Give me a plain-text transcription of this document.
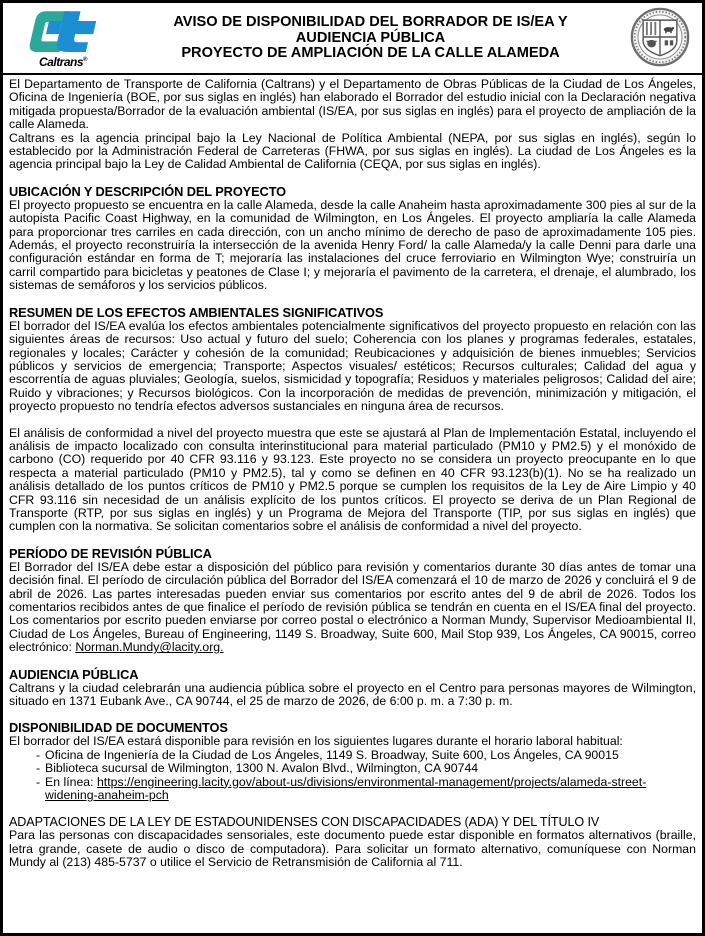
Caltrans®
AVISO DE DISPONIBILIDAD DEL BORRADOR DE IS/EA Y
AUDIENCIA PÚBLICA
PROYECTO DE AMPLIACIÓN DE LA CALLE ALAMEDA

El Departamento de Transporte de California (Caltrans) y el Departamento de Obras Públicas de la Ciudad de Los Ángeles, Oficina de Ingeniería (BOE, por sus siglas en inglés) han elaborado el Borrador del estudio inicial con la Declaración negativa mitigada propuesta/Borrador de la evaluación ambiental (IS/EA, por sus siglas en inglés) para el proyecto de ampliación de la calle Alameda.

Caltrans es la agencia principal bajo la Ley Nacional de Política Ambiental (NEPA, por sus siglas en inglés), según lo establecido por la Administración Federal de Carreteras (FHWA, por sus siglas en inglés). La ciudad de Los Ángeles es la agencia principal bajo la Ley de Calidad Ambiental de California (CEQA, por sus siglas en inglés).

UBICACIÓN Y DESCRIPCIÓN DEL PROYECTO

El proyecto propuesto se encuentra en la calle Alameda, desde la calle Anaheim hasta aproximadamente 300 pies al sur de la autopista Pacific Coast Highway, en la comunidad de Wilmington, en Los Ángeles. El proyecto ampliaría la calle Alameda para proporcionar tres carriles en cada dirección, con un ancho mínimo de derecho de paso de aproximadamente 105 pies. Además, el proyecto reconstruiría la intersección de la avenida Henry Ford/ la calle Alameda/y la calle Denni para darle una configuración estándar en forma de T; mejoraría las instalaciones del cruce ferroviario en Wilmington Wye; construiría un carril compartido para bicicletas y peatones de Clase I; y mejoraría el pavimento de la carretera, el drenaje, el alumbrado, los sistemas de semáforos y los servicios públicos.

RESUMEN DE LOS EFECTOS AMBIENTALES SIGNIFICATIVOS

El borrador del IS/EA evalúa los efectos ambientales potencialmente significativos del proyecto propuesto en relación con las siguientes áreas de recursos: Uso actual y futuro del suelo; Coherencia con los planes y programas federales, estatales, regionales y locales; Carácter y cohesión de la comunidad; Reubicaciones y adquisición de bienes inmuebles; Servicios públicos y servicios de emergencia; Transporte; Aspectos visuales/ estéticos; Recursos culturales; Calidad del agua y escorrentía de aguas pluviales; Geología, suelos, sismicidad y topografía; Residuos y materiales peligrosos; Calidad del aire; Ruido y vibraciones; y Recursos biológicos. Con la incorporación de medidas de prevención, minimización y mitigación, el proyecto propuesto no tendría efectos adversos sustanciales en ninguna área de recursos.

El análisis de conformidad a nivel del proyecto muestra que este se ajustará al Plan de Implementación Estatal, incluyendo el análisis de impacto localizado con consulta interinstitucional para material particulado (PM10 y PM2.5) y el monóxido de carbono (CO) requerido por 40 CFR 93.116 y 93.123. Este proyecto no se considera un proyecto preocupante en lo que respecta a material particulado (PM10 y PM2.5), tal y como se definen en 40 CFR 93.123(b)(1). No se ha realizado un análisis detallado de los puntos críticos de PM10 y PM2.5 porque se cumplen los requisitos de la Ley de Aire Limpio y 40 CFR 93.116 sin necesidad de un análisis explícito de los puntos críticos. El proyecto se deriva de un Plan Regional de Transporte (RTP, por sus siglas en inglés) y un Programa de Mejora del Transporte (TIP, por sus siglas en inglés) que cumplen con la normativa. Se solicitan comentarios sobre el análisis de conformidad a nivel del proyecto.

PERÍODO DE REVISIÓN PÚBLICA

El Borrador del IS/EA debe estar a disposición del público para revisión y comentarios durante 30 días antes de tomar una decisión final. El período de circulación pública del Borrador del IS/EA comenzará el 10 de marzo de 2026 y concluirá el 9 de abril de 2026. Las partes interesadas pueden enviar sus comentarios por escrito antes del 9 de abril de 2026. Todos los comentarios recibidos antes de que finalice el período de revisión pública se tendrán en cuenta en el IS/EA final del proyecto. Los comentarios por escrito pueden enviarse por correo postal o electrónico a Norman Mundy, Supervisor Medioambiental II, Ciudad de Los Ángeles, Bureau of Engineering, 1149 S. Broadway, Suite 600, Mail Stop 939, Los Ángeles, CA 90015, correo electrónico: Norman.Mundy@lacity.org.

AUDIENCIA PÚBLICA

Caltrans y la ciudad celebrarán una audiencia pública sobre el proyecto en el Centro para personas mayores de Wilmington, situado en 1371 Eubank Ave., CA 90744, el 25 de marzo de 2026, de 6:00 p. m. a 7:30 p. m.

DISPONIBILIDAD DE DOCUMENTOS

El borrador del IS/EA estará disponible para revisión en los siguientes lugares durante el horario laboral habitual:

- Oficina de Ingeniería de la Ciudad de Los Ángeles, 1149 S. Broadway, Suite 600, Los Ángeles, CA 90015
- Biblioteca sucursal de Wilmington, 1300 N. Avalon Blvd., Wilmington, CA 90744
- En línea: https://engineering.lacity.gov/about-us/divisions/environmental-management/projects/alameda-street-widening-anaheim-pch
ADAPTACIONES DE LA LEY DE ESTADOUNIDENSES CON DISCAPACIDADES (ADA) Y DEL TÍTULO IV

Para las personas con discapacidades sensoriales, este documento puede estar disponible en formatos alternativos (braille, letra grande, casete de audio o disco de computadora). Para solicitar un formato alternativo, comuníquese con Norman Mundy al (213) 485-5737 o utilice el Servicio de Retransmisión de California al 711.
